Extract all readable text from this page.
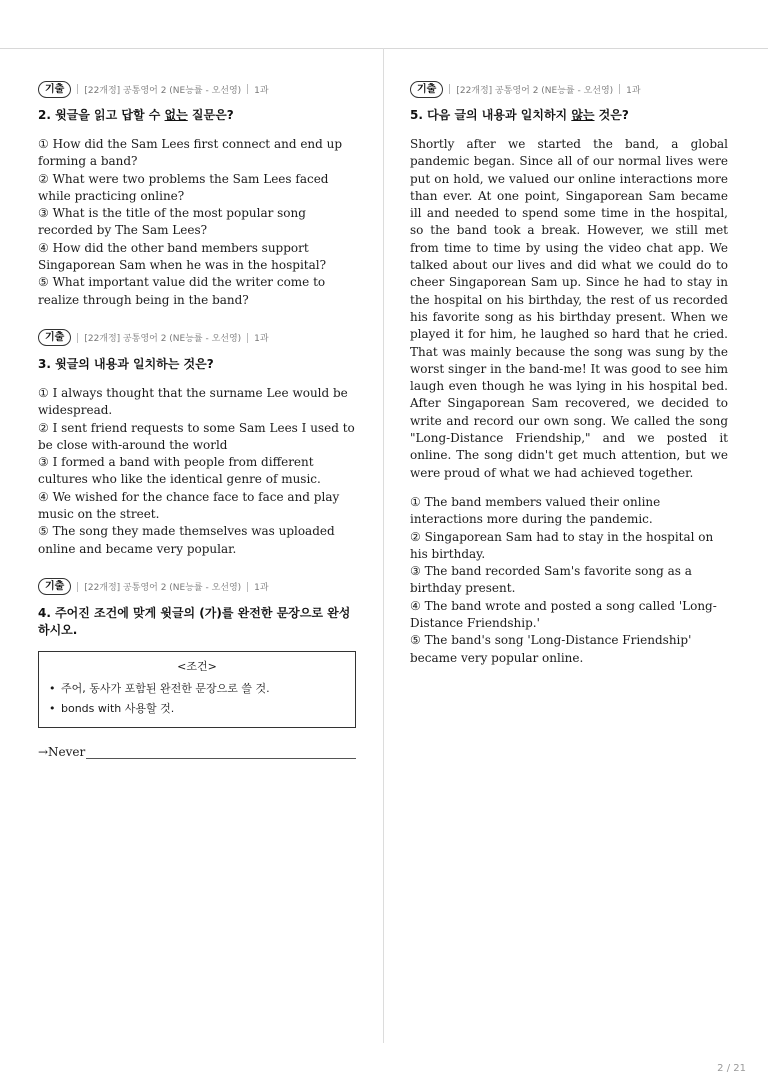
기출	[22개정] 공통영어 2 (NE능률 - 오선영) 1과

2. 윗글을 읽고 답할 수 없는 질문은?

① How did the Sam Lees first connect and end up forming a band?

② What were two problems the Sam Lees faced while practicing online?

③ What is the title of the most popular song recorded by The Sam Lees?

④ How did the other band members support Singaporean Sam when he was in the hospital?

⑤ What important value did the writer come to realize through being in the band?

기출	[22개정] 공통영어 2 (NE능률 - 오선영) 1과

3. 윗글의 내용과 일치하는 것은?

① I always thought that the surname Lee would be widespread.

② I sent friend requests to some Sam Lees I used to be close with-around the world

③ I formed a band with people from different cultures who like the identical genre of music.

④ We wished for the chance face to face and play music on the street.

⑤ The song they made themselves was uploaded online and became very popular.

기출	[22개정] 공통영어 2 (NE능률 - 오선영) 1과

4. 주어진 조건에 맞게 윗글의 (가)를 완전한 문장으로 완성하시오.

<조건>
• 주어, 동사가 포함된 완전한 문장으로 쓸 것.
• bonds with 사용할 것.
→Never
기출	[22개정] 공통영어 2 (NE능률 - 오선영) 1과

5. 다음 글의 내용과 일치하지 않는 것은?

Shortly after we started the band, a global pandemic began. Since all of our normal lives were put on hold, we valued our online interactions more than ever. At one point, Singaporean Sam became ill and needed to spend some time in the hospital, so the band took a break. However, we still met from time to time by using the video chat app. We talked about our lives and did what we could do to cheer Singaporean Sam up. Since he had to stay in the hospital on his birthday, the rest of us recorded his favorite song as his birthday present. When we played it for him, he laughed so hard that he cried. That was mainly because the song was sung by the worst singer in the band-me! It was good to see him laugh even though he was lying in his hospital bed. After Singaporean Sam recovered, we decided to write and record our own song. We called the song "Long-Distance Friendship," and we posted it online. The song didn't get much attention, but we were proud of what we had achieved together.

① The band members valued their online interactions more during the pandemic.

② Singaporean Sam had to stay in the hospital on his birthday.

③ The band recorded Sam's favorite song as a birthday present.

④ The band wrote and posted a song called 'Long-Distance Friendship.'

⑤ The band's song 'Long-Distance Friendship' became very popular online.

2 / 21
